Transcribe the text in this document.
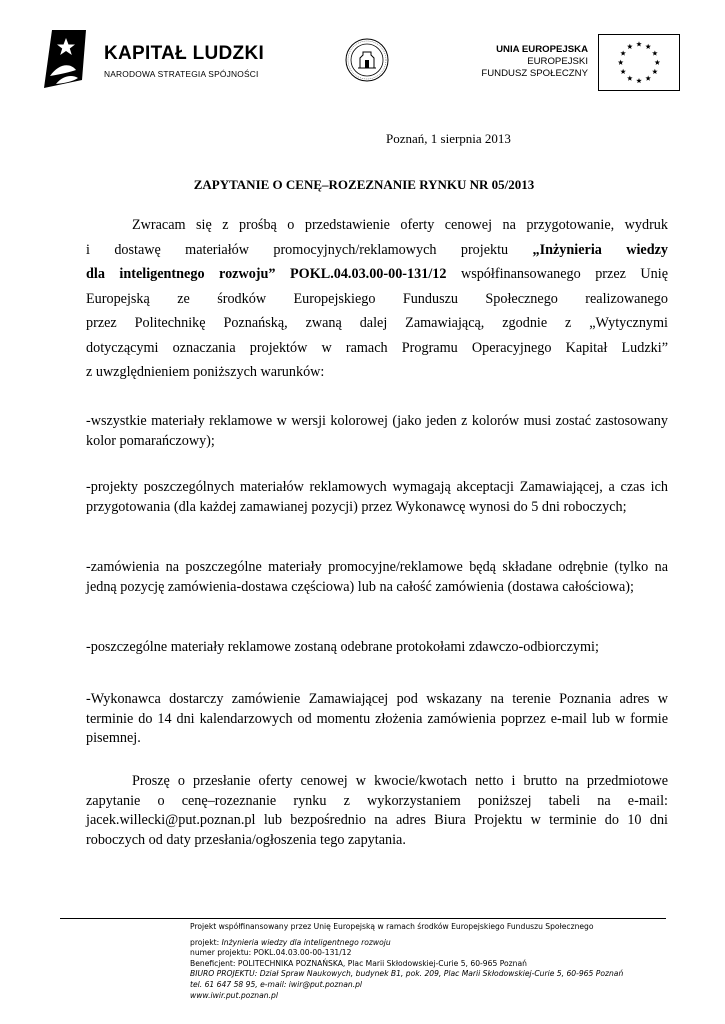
KAPITAŁ LUDZKI
NARODOWA STRATEGIA SPÓJNOŚCI
UNIA EUROPEJSKA
EUROPEJSKI
FUNDUSZ SPOŁECZNY
Poznań, 1 sierpnia 2013
ZAPYTANIE O CENĘ–ROZEZNANIE RYNKU NR 05/2013
Zwracam się z prośbą o przedstawienie oferty cenowej na przygotowanie, wydruk
i dostawę materiałów promocyjnych/reklamowych projektu „Inżynieria wiedzy
dla inteligentnego rozwoju” POKL.04.03.00-00-131/12 współfinansowanego przez Unię
Europejską ze środków Europejskiego Funduszu Społecznego realizowanego
przez Politechnikę Poznańską, zwaną dalej Zamawiającą, zgodnie z „Wytycznymi
dotyczącymi oznaczania projektów w ramach Programu Operacyjnego Kapitał Ludzki”
z uwzględnieniem poniższych warunków:
-wszystkie materiały reklamowe w wersji kolorowej (jako jeden z kolorów musi zostać zastosowany kolor pomarańczowy);
-projekty poszczególnych materiałów reklamowych wymagają akceptacji Zamawiającej, a czas ich przygotowania (dla każdej zamawianej pozycji) przez Wykonawcę wynosi do 5 dni roboczych;
-zamówienia na poszczególne materiały promocyjne/reklamowe będą składane odrębnie (tylko na jedną pozycję zamówienia-dostawa częściowa) lub na całość zamówienia (dostawa całościowa);
-poszczególne materiały reklamowe zostaną odebrane protokołami zdawczo-odbiorczymi;
-Wykonawca dostarczy zamówienie Zamawiającej pod wskazany na terenie Poznania adres w terminie do 14 dni kalendarzowych od momentu złożenia zamówienia poprzez e-mail lub w formie pisemnej.
Proszę o przesłanie oferty cenowej w kwocie/kwotach netto i brutto na przedmiotowe zapytanie o cenę–rozeznanie rynku z wykorzystaniem poniższej tabeli na e-mail: jacek.willecki@put.poznan.pl lub bezpośrednio na adres Biura Projektu w terminie do 10 dni roboczych od daty przesłania/ogłoszenia tego zapytania.
Projekt współfinansowany przez Unię Europejską w ramach środków Europejskiego Funduszu Społecznego
projekt: Inżynieria wiedzy dla inteligentnego rozwoju
numer projektu: POKL.04.03.00-00-131/12
Beneficjent: POLITECHNIKA POZNAŃSKA, Plac Marii Skłodowskiej-Curie 5, 60-965 Poznań
BIURO PROJEKTU: Dział Spraw Naukowych, budynek B1, pok. 209, Plac Marii Skłodowskiej-Curie 5, 60-965 Poznań
tel. 61 647 58 95, e-mail: iwir@put.poznan.pl
www.iwir.put.poznan.pl
